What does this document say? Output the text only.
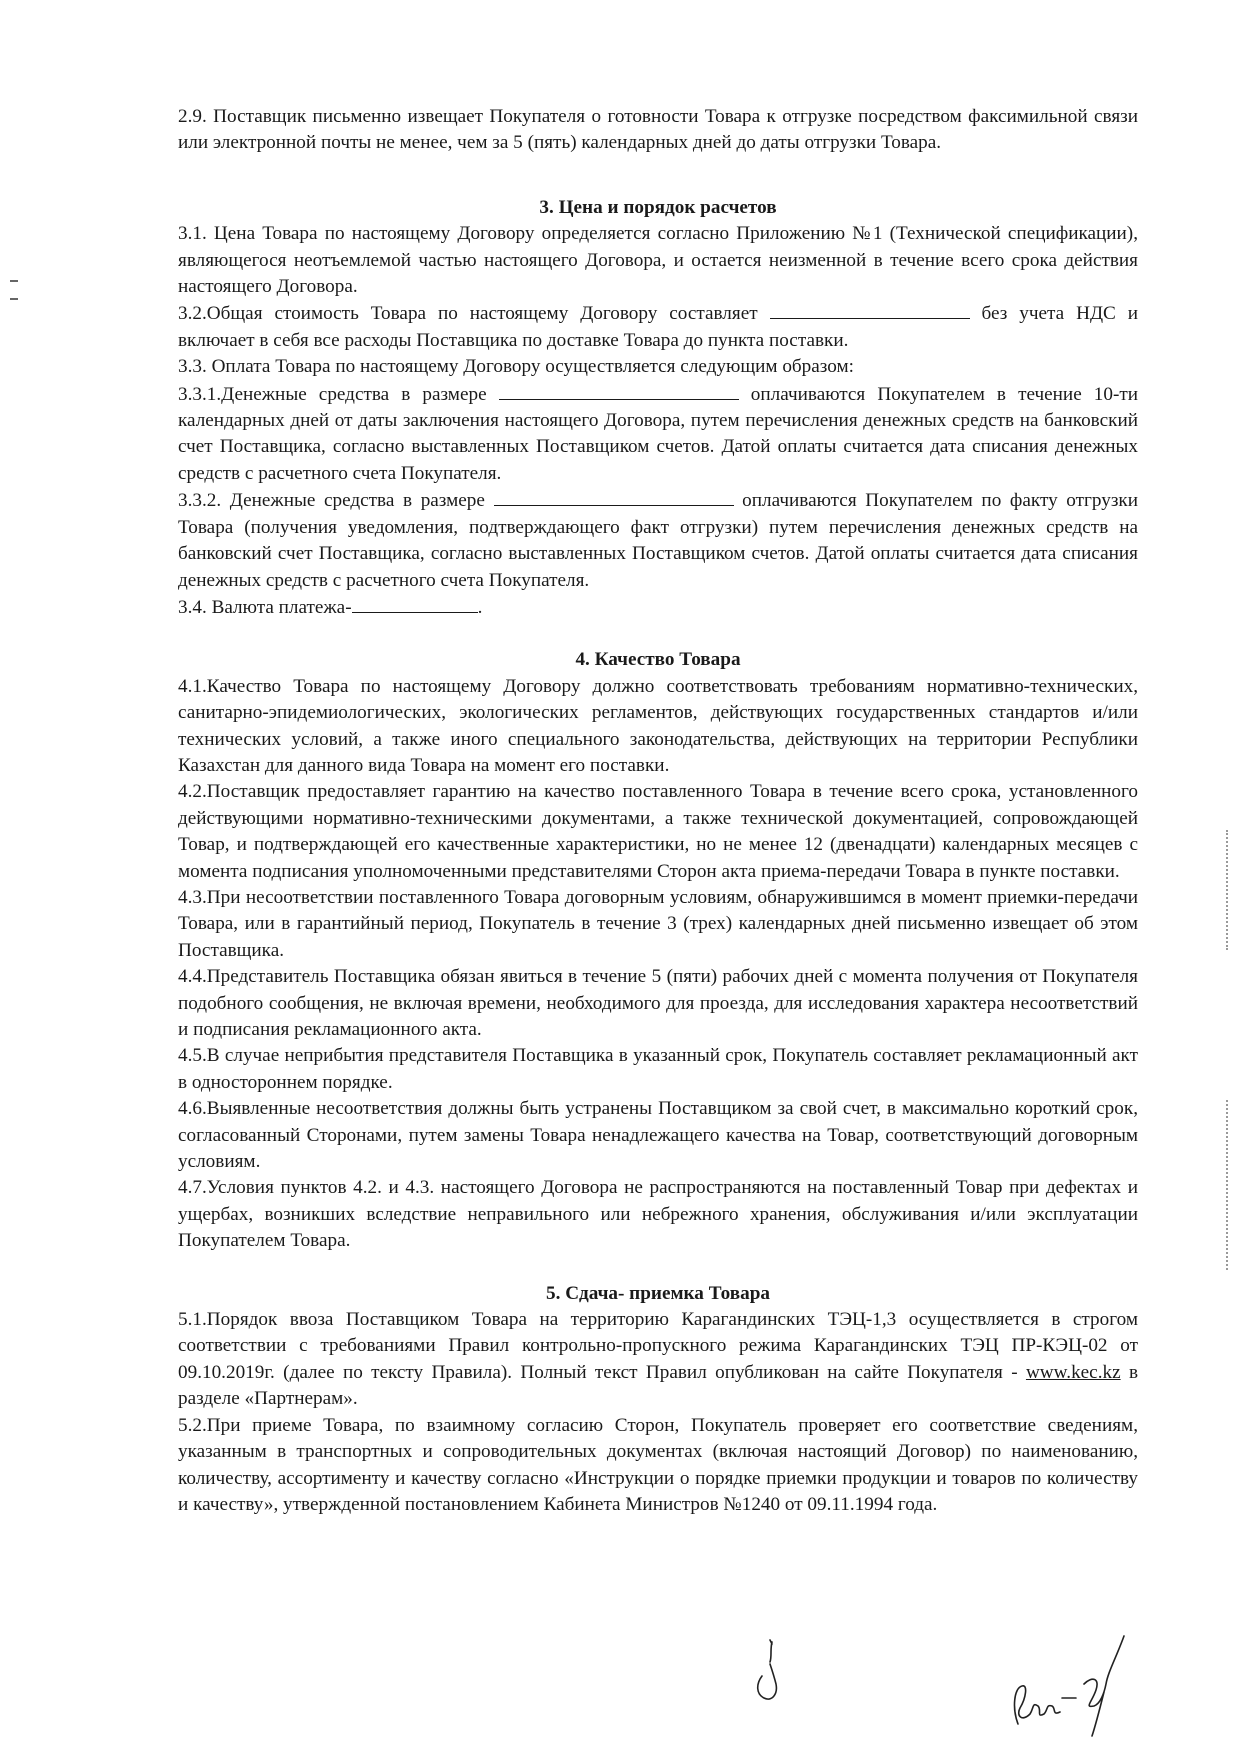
2.9. Поставщик письменно извещает Покупателя о готовности Товара к отгрузке посредством факсимильной связи или электронной почты не менее, чем за 5 (пять) календарных дней до даты отгрузки Товара.

3. Цена и порядок расчетов

3.1. Цена Товара по настоящему Договору определяется согласно Приложению №1 (Технической спецификации), являющегося неотъемлемой частью настоящего Договора, и остается неизменной в течение всего срока действия настоящего Договора.

3.2.Общая стоимость Товара по настоящему Договору составляет	без учета НДС и включает в себя все расходы Поставщика по доставке Товара до пункта поставки.

3.3. Оплата Товара по настоящему Договору осуществляется следующим образом:

3.3.1.Денежные средства в размере	оплачиваются Покупателем в течение 10-ти календарных дней от даты заключения настоящего Договора, путем перечисления денежных средств на банковский счет Поставщика, согласно выставленных Поставщиком счетов. Датой оплаты считается дата списания денежных средств с расчетного счета Покупателя.

3.3.2. Денежные средства в размере	оплачиваются Покупателем по факту отгрузки Товара (получения уведомления, подтверждающего факт отгрузки) путем перечисления денежных средств на банковский счет Поставщика, согласно выставленных Поставщиком счетов. Датой оплаты считается дата списания денежных средств с расчетного счета Покупателя.

3.4. Валюта платежа-	.

4. Качество Товара

4.1.Качество Товара по настоящему Договору должно соответствовать требованиям нормативно-технических, санитарно-эпидемиологических, экологических регламентов, действующих государственных стандартов и/или технических условий, а также иного специального законодательства, действующих на территории Республики Казахстан для данного вида Товара на момент его поставки.

4.2.Поставщик предоставляет гарантию на качество поставленного Товара в течение всего срока, установленного действующими нормативно-техническими документами, а также технической документацией, сопровождающей Товар, и подтверждающей его качественные характеристики, но не менее 12 (двенадцати) календарных месяцев с момента подписания уполномоченными представителями Сторон акта приема-передачи Товара в пункте поставки.

4.3.При несоответствии поставленного Товара договорным условиям, обнаружившимся в момент приемки-передачи Товара, или в гарантийный период, Покупатель в течение 3 (трех) календарных дней письменно извещает об этом Поставщика.

4.4.Представитель Поставщика обязан явиться в течение 5 (пяти) рабочих дней с момента получения от Покупателя подобного сообщения, не включая времени, необходимого для проезда, для исследования характера несоответствий и подписания рекламационного акта.

4.5.В случае неприбытия представителя Поставщика в указанный срок, Покупатель составляет рекламационный акт в одностороннем порядке.

4.6.Выявленные несоответствия должны быть устранены Поставщиком за свой счет, в максимально короткий срок, согласованный Сторонами, путем замены Товара ненадлежащего качества на Товар, соответствующий договорным условиям.

4.7.Условия пунктов 4.2. и 4.3. настоящего Договора не распространяются на поставленный Товар при дефектах и ущербах, возникших вследствие неправильного или небрежного хранения, обслуживания и/или эксплуатации Покупателем Товара.

5. Сдача- приемка Товара

5.1.Порядок ввоза Поставщиком Товара на территорию Карагандинских ТЭЦ-1,3 осуществляется в строгом соответствии с требованиями Правил контрольно-пропускного режима Карагандинских ТЭЦ ПР-КЭЦ-02 от 09.10.2019г. (далее по тексту Правила). Полный текст Правил опубликован на сайте Покупателя - www.kec.kz в разделе «Партнерам».

5.2.При приеме Товара, по взаимному согласию Сторон, Покупатель проверяет его соответствие сведениям, указанным в транспортных и сопроводительных документах (включая настоящий Договор) по наименованию, количеству, ассортименту и качеству согласно «Инструкции о порядке приемки продукции и товаров по количеству и качеству», утвержденной постановлением Кабинета Министров №1240 от 09.11.1994 года.
